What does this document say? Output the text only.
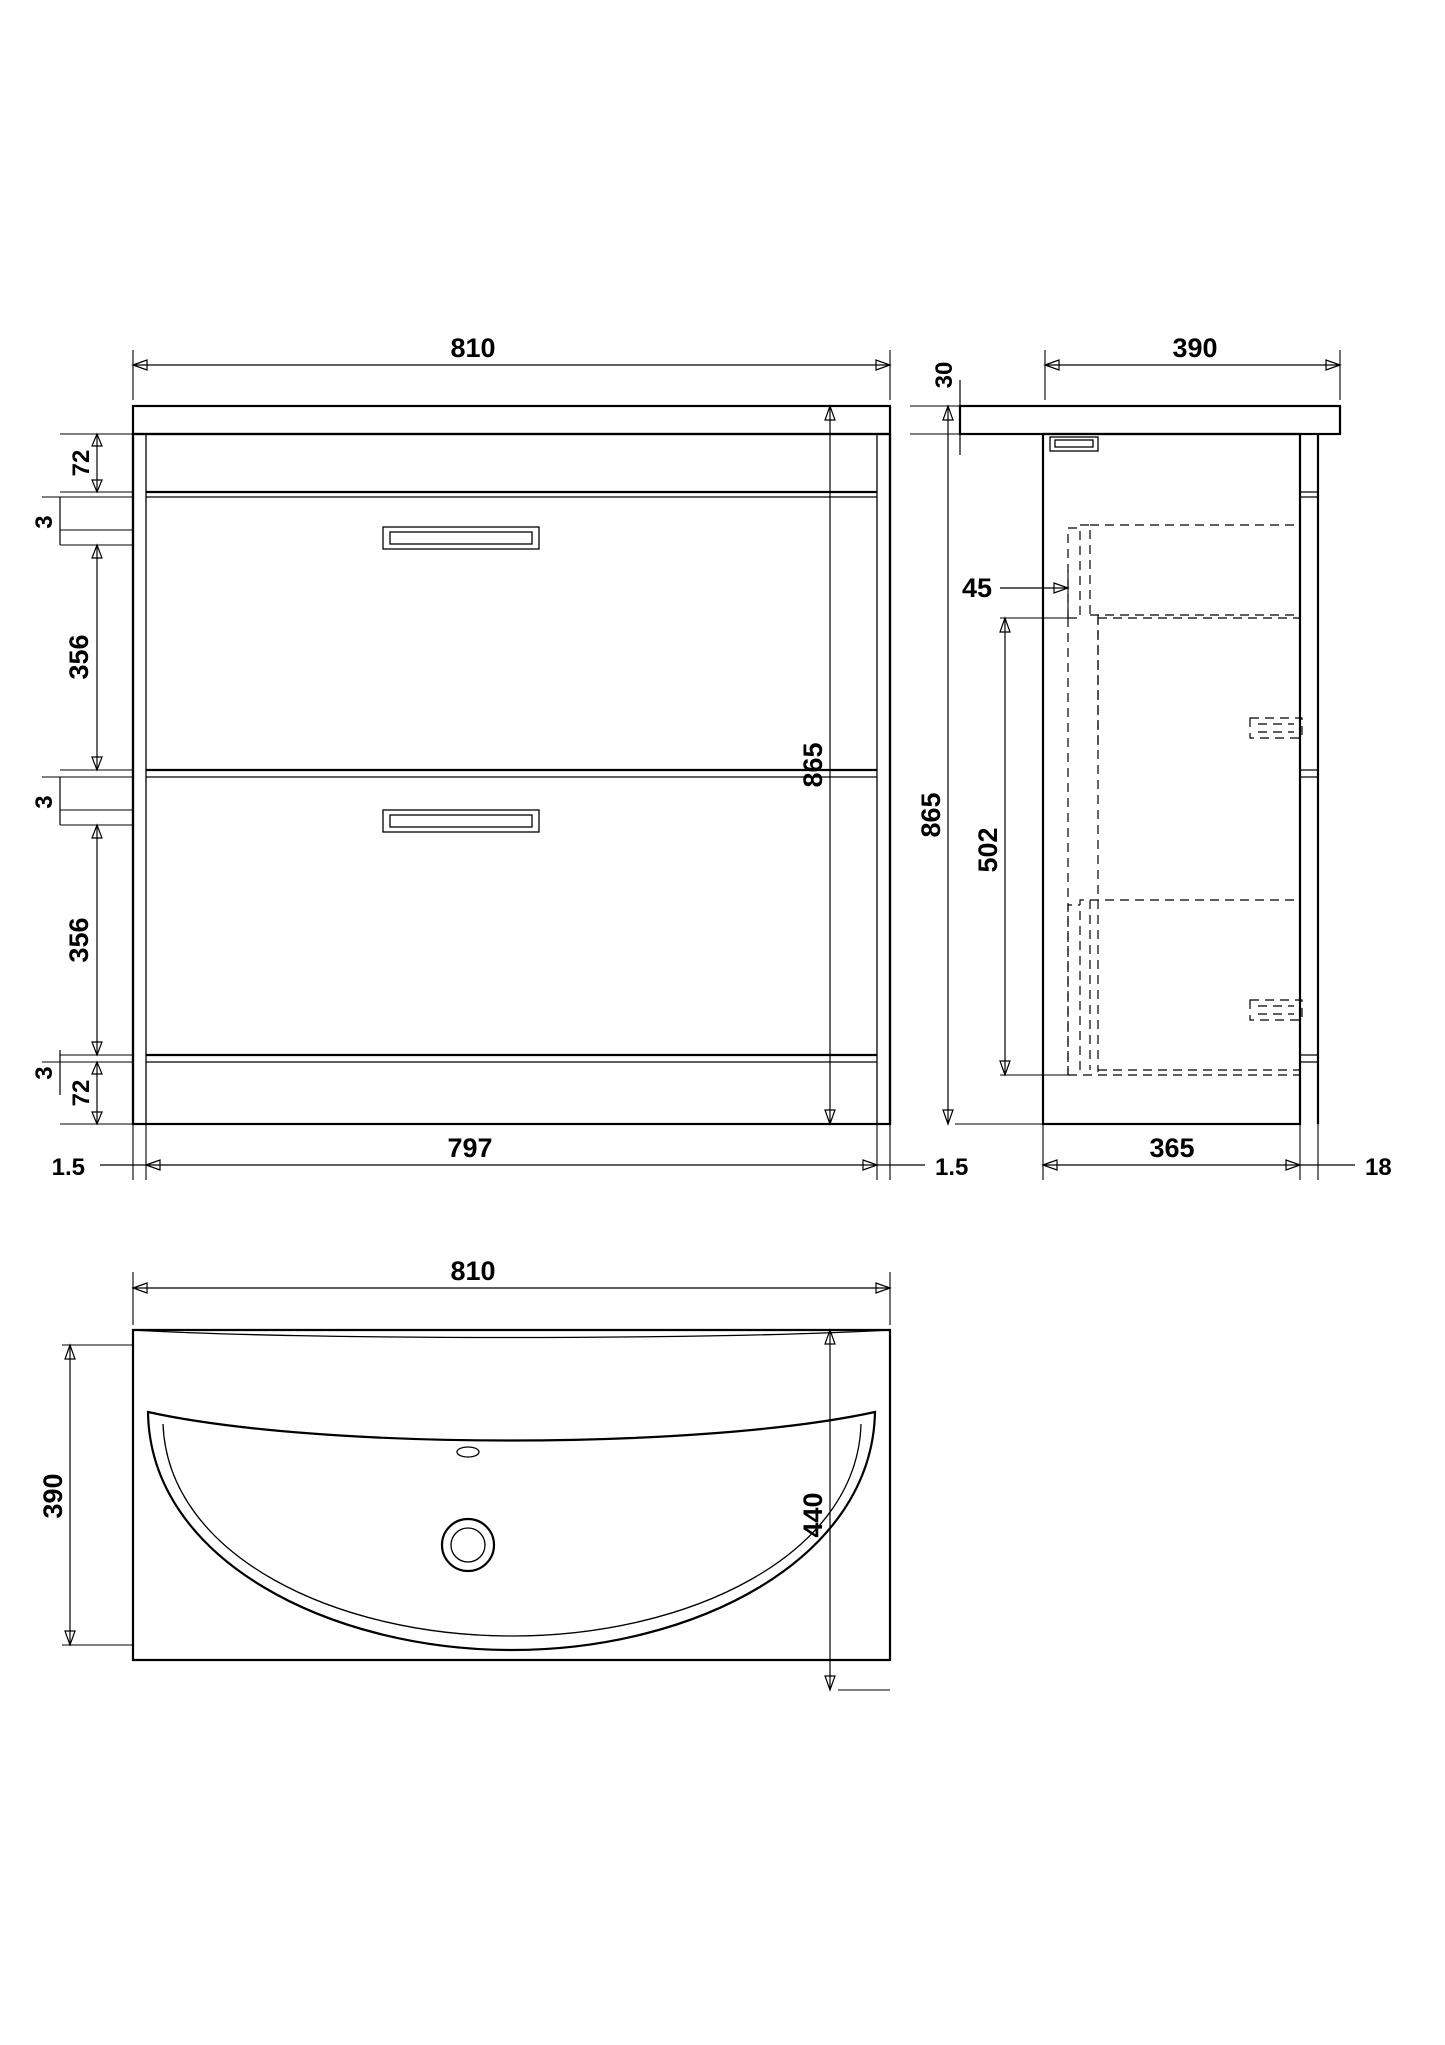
810
865
72
3
356
3
356
3
72
797
1.5	1.5
390
30
865
502
45
365
18
810
390	440
